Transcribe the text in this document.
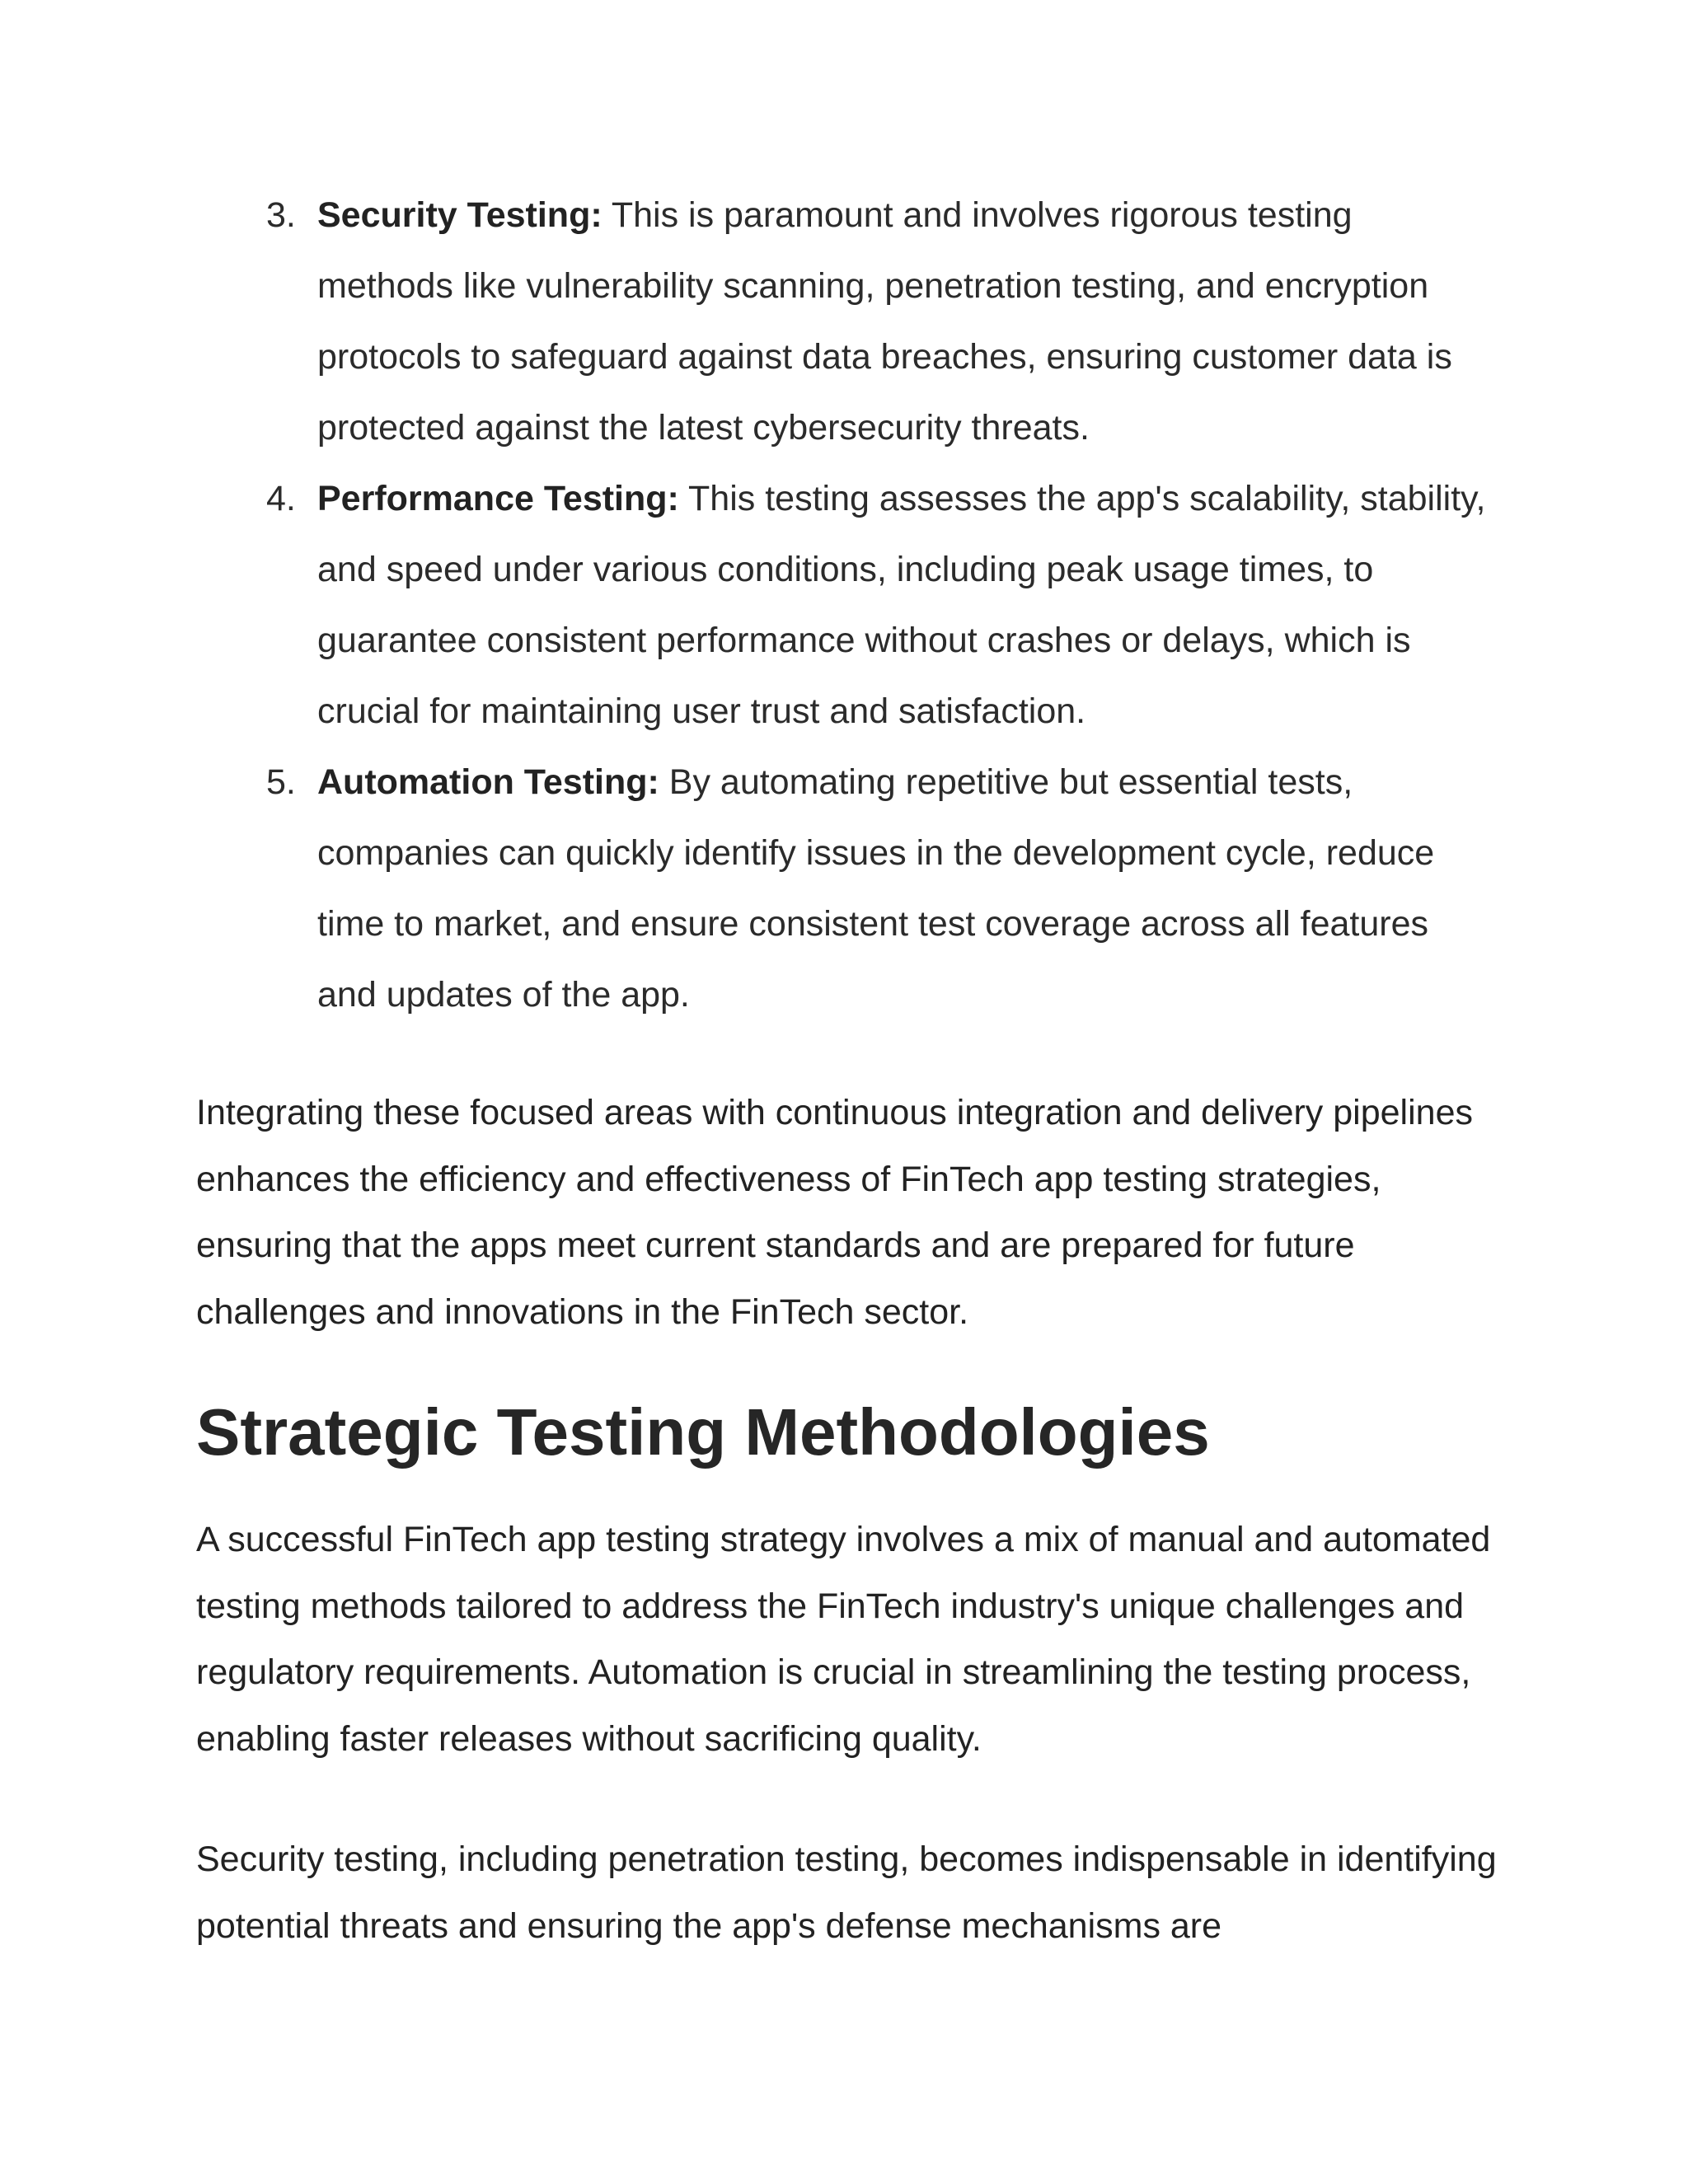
3. Security Testing: This is paramount and involves rigorous testing methods like vulnerability scanning, penetration testing, and encryption protocols to safeguard against data breaches, ensuring customer data is protected against the latest cybersecurity threats.
4. Performance Testing: This testing assesses the app's scalability, stability, and speed under various conditions, including peak usage times, to guarantee consistent performance without crashes or delays, which is crucial for maintaining user trust and satisfaction.
5. Automation Testing: By automating repetitive but essential tests, companies can quickly identify issues in the development cycle, reduce time to market, and ensure consistent test coverage across all features and updates of the app.

Integrating these focused areas with continuous integration and delivery pipelines enhances the efficiency and effectiveness of FinTech app testing strategies, ensuring that the apps meet current standards and are prepared for future challenges and innovations in the FinTech sector.

Strategic Testing Methodologies

A successful FinTech app testing strategy involves a mix of manual and automated testing methods tailored to address the FinTech industry's unique challenges and regulatory requirements. Automation is crucial in streamlining the testing process, enabling faster releases without sacrificing quality.

Security testing, including penetration testing, becomes indispensable in identifying potential threats and ensuring the app's defense mechanisms are
